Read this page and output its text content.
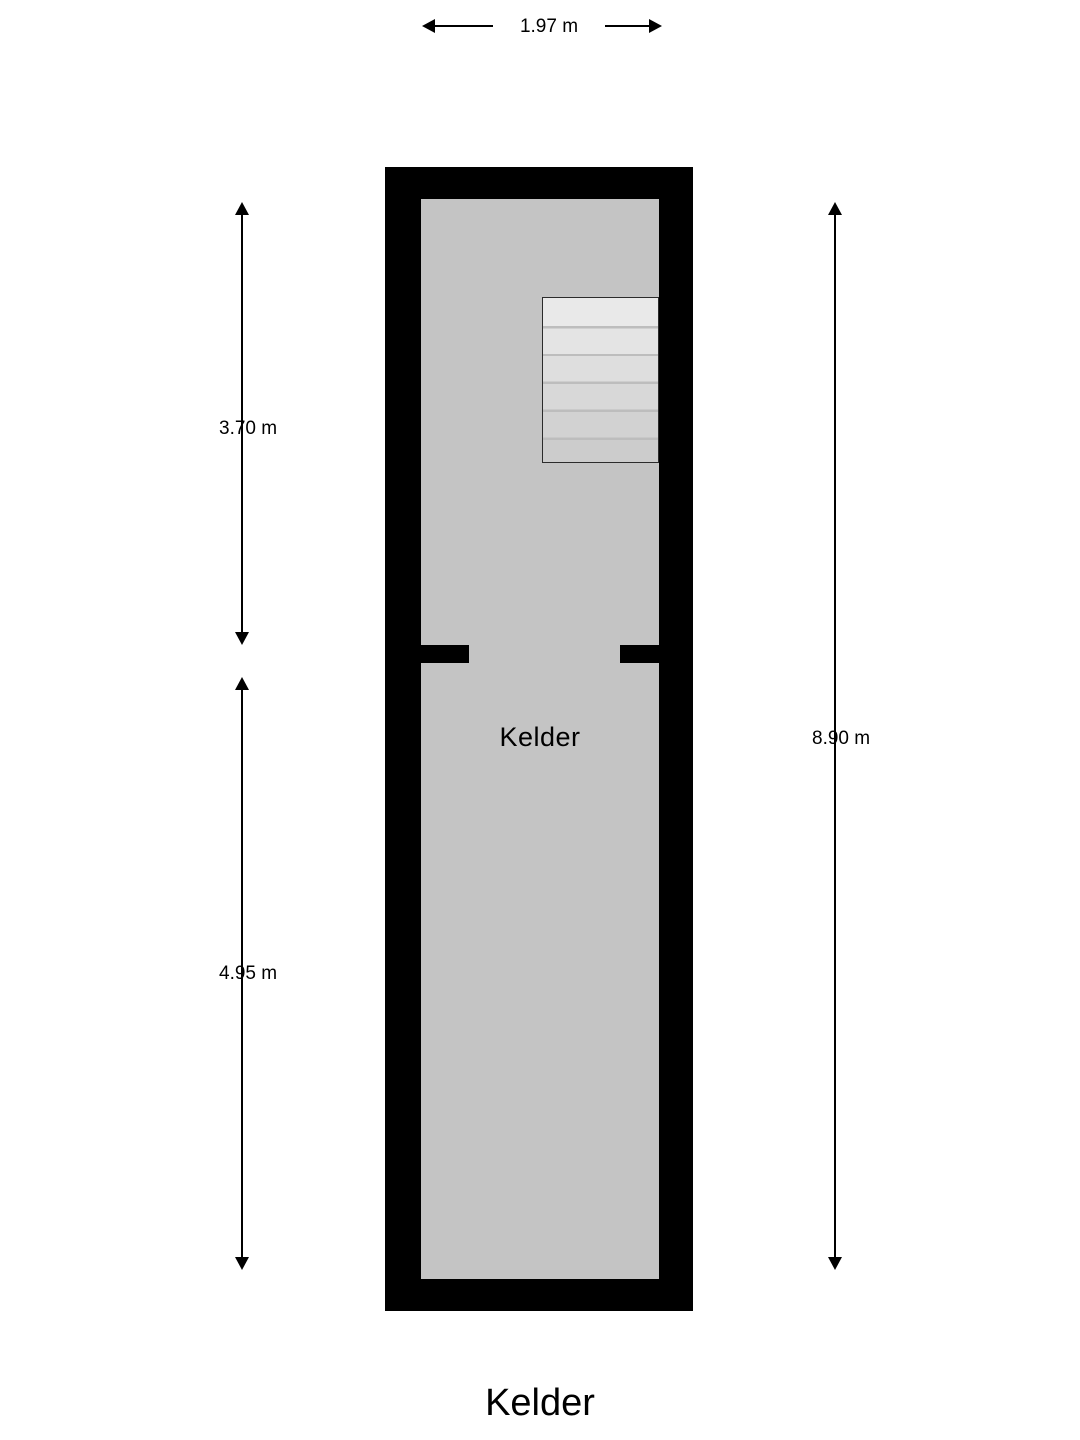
1.97 m
3.70 m
4.95 m
8.90 m
Kelder
Kelder
